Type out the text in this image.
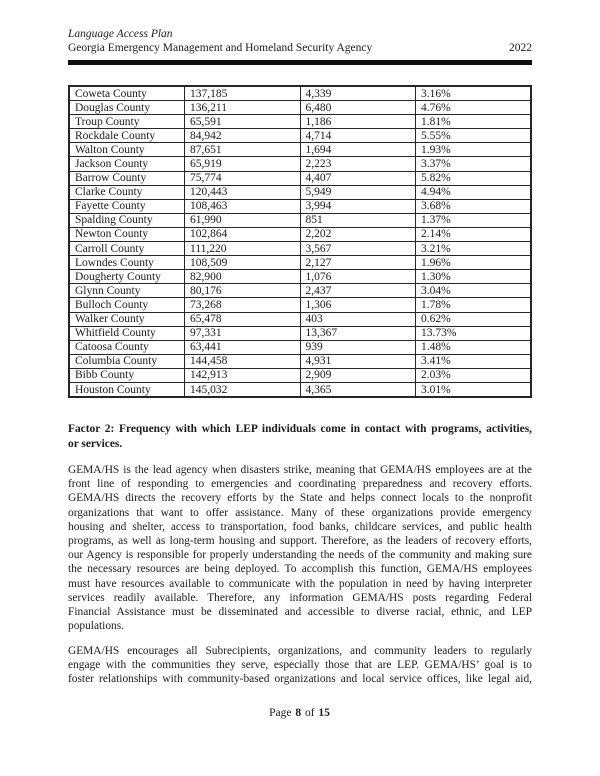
Language Access Plan
Georgia Emergency Management and Homeland Security Agency	2022
Coweta County	137,185	4,339	3.16%
Douglas County	136,211	6,480	4.76%
Troup County	65,591	1,186	1.81%
Rockdale County	84,942	4,714	5.55%
Walton County	87,651	1,694	1.93%
Jackson County	65,919	2,223	3.37%
Barrow County	75,774	4,407	5.82%
Clarke County	120,443	5,949	4.94%
Fayette County	108,463	3,994	3.68%
Spalding County	61,990	851	1.37%
Newton County	102,864	2,202	2.14%
Carroll County	111,220	3,567	3.21%
Lowndes County	108,509	2,127	1.96%
Dougherty County	82,900	1,076	1.30%
Glynn County	80,176	2,437	3.04%
Bulloch County	73,268	1,306	1.78%
Walker County	65,478	403	0.62%
Whitfield County	97,331	13,367	13.73%
Catoosa County	63,441	939	1.48%
Columbia County	144,458	4,931	3.41%
Bibb County	142,913	2,909	2.03%
Houston County	145,032	4,365	3.01%
Factor 2: Frequency with which LEP individuals come in contact with programs, activities,
or services.
GEMA/HS is the lead agency when disasters strike, meaning that GEMA/HS employees are at the
front line of responding to emergencies and coordinating preparedness and recovery efforts.
GEMA/HS directs the recovery efforts by the State and helps connect locals to the nonprofit
organizations that want to offer assistance. Many of these organizations provide emergency
housing and shelter, access to transportation, food banks, childcare services, and public health
programs, as well as long-term housing and support. Therefore, as the leaders of recovery efforts,
our Agency is responsible for properly understanding the needs of the community and making sure
the necessary resources are being deployed. To accomplish this function, GEMA/HS employees
must have resources available to communicate with the population in need by having interpreter
services readily available. Therefore, any information GEMA/HS posts regarding Federal
Financial Assistance must be disseminated and accessible to diverse racial, ethnic, and LEP
populations.
GEMA/HS encourages all Subrecipients, organizations, and community leaders to regularly
engage with the communities they serve, especially those that are LEP. GEMA/HS’ goal is to
foster relationships with community-based organizations and local service offices, like legal aid,
Page 8 of 15
